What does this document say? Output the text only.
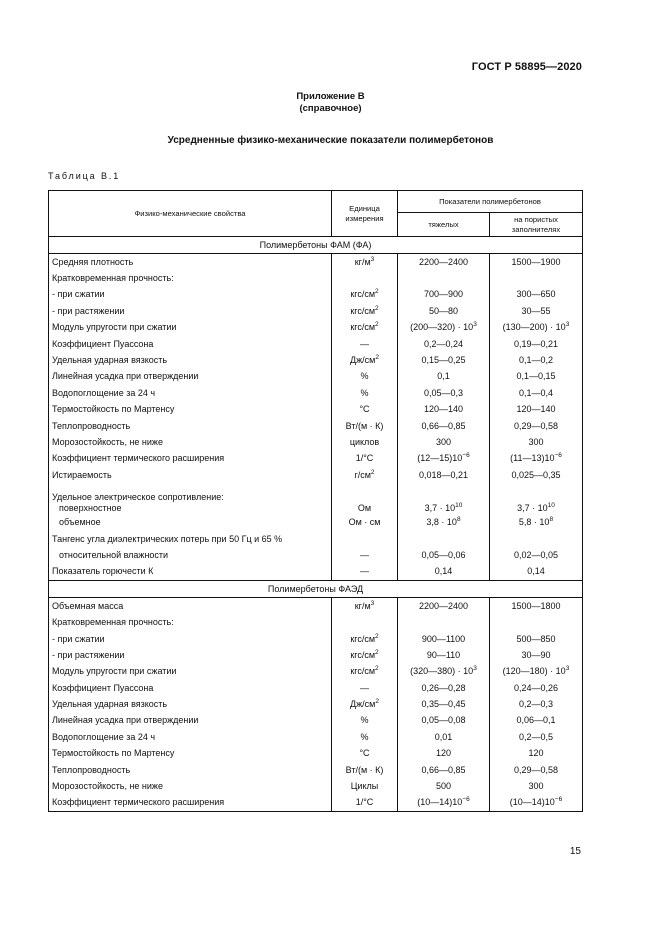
ГОСТ Р 58895—2020
Приложение В
(справочное)
Усредненные физико-механические показатели полимербетонов
Таблица В.1
Физико-механические свойства	Единица измерения	Показатели полимербетонов	
		тяжелых	на пористых заполнителях
Полимербетоны ФАМ (ФА)			
Средняя плотность	$кг/м^3$	2200—2400	1500—1900
Кратковременная прочность:			
- при сжатии	кгс/$см^2$	700—900	300—650
- при растяжении	кгс/$см^2$	50—80	30—55
Модуль упругости при сжатии	кгс/$см^2$	(200—320) · $10^3$	(130—200) · $10^3$
Коэффициент Пуассона	—	0,2—0,24	0,19—0,21
Удельная ударная вязкость	$Дж/см^2$	0,15—0,25	0,1—0,2
Линейная усадка при отверждении	%	0,1	0,1—0,15
Водопоглощение за 24 ч	%	0,05—0,3	0,1—0,4
Термостойкость по Мартенсу	°С	120—140	120—140
Теплопроводность	Вт/(м · К)	0,66—0,85	0,29—0,58
Морозостойкость, не ниже	циклов	300	300
Коэффициент термического расширения	1/°С	$(12—15)10^{-6}$	$(11—13)10^{-6}$
Истираемость	$г/см^2$	0,018—0,21	0,025—0,35
Удельное электрическое сопротивление:
поверхностное	Ом	$3,7 \cdot 10^{10}$	$3,7 \cdot 10^{10}$
объемное	Ом · см	$3,8 \cdot 10^8$	$5,8 \cdot 10^8$
Тангенс угла диэлектрических потерь при 50 Гц и 65 %			
относительной влажности	—	0,05—0,06	0,02—0,05
Показатель горючести К	—	0,14	0,14
Полимербетоны ФАЭД			
Объемная масса	$кг/м^3$	2200—2400	1500—1800
Кратковременная прочность:			
- при сжатии	кгс/$см^2$	900—1100	500—850
- при растяжении	кгс/$см^2$	90—110	30—90
Модуль упругости при сжатии	кгс/$см^2$	(320—380) · $10^3$	(120—180) · $10^3$
Коэффициент Пуассона	—	0,26—0,28	0,24—0,26
Удельная ударная вязкость	$Дж/см^2$	0,35—0,45	0,2—0,3
Линейная усадка при отверждении	%	0,05—0,08	0,06—0,1
Водопоглощение за 24 ч	%	0,01	0,2—0,5
Термостойкость по Мартенсу	°С	120	120
Теплопроводность	Вт/(м · К)	0,66—0,85	0,29—0,58
Морозостойкость, не ниже	Циклы	500	300
Коэффициент термического расширения	1/°С	$(10—14)10^{-6}$	$(10—14)10^{-6}$
15
